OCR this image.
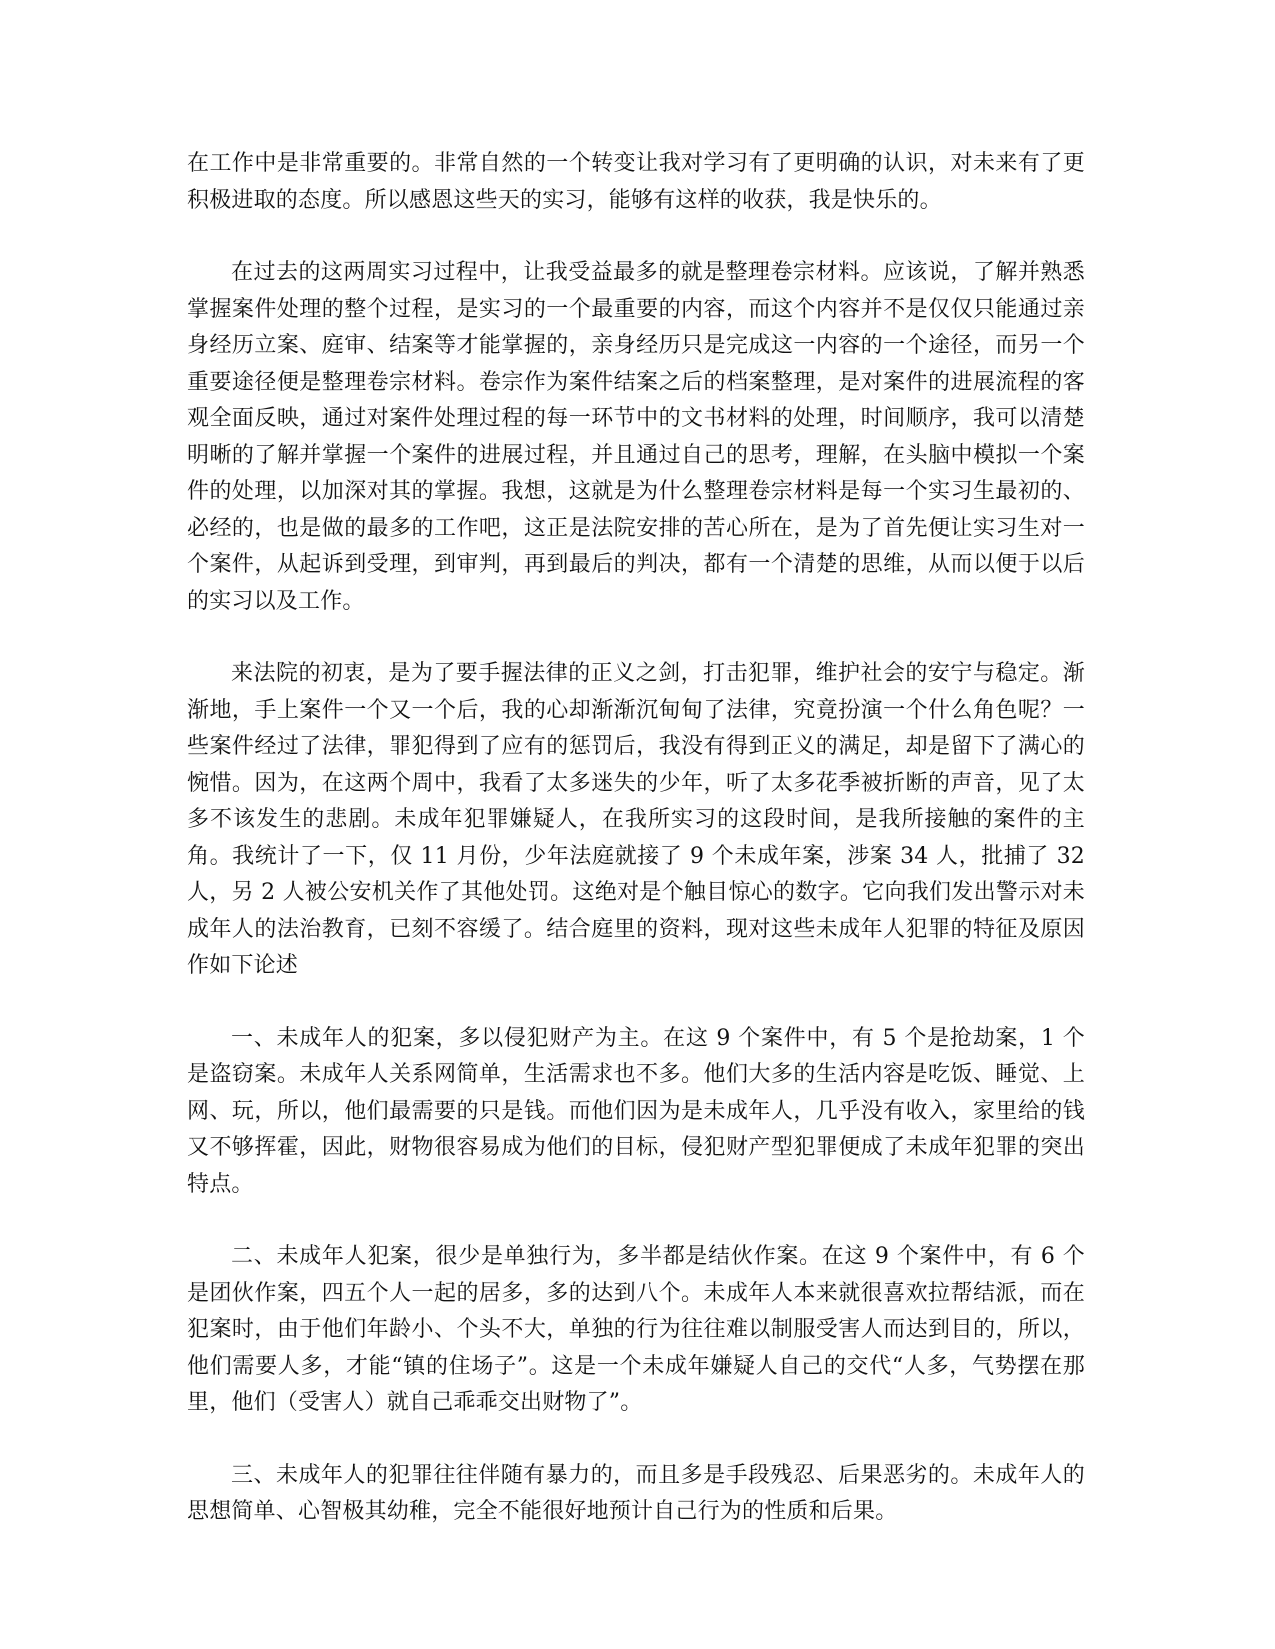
在工作中是非常重要的。非常自然的一个转变让我对学习有了更明确的认识，对未来有了更积极进取的态度。所以感恩这些天的实习，能够有这样的收获，我是快乐的。

在过去的这两周实习过程中，让我受益最多的就是整理卷宗材料。应该说，了解并熟悉掌握案件处理的整个过程，是实习的一个最重要的内容，而这个内容并不是仅仅只能通过亲身经历立案、庭审、结案等才能掌握的，亲身经历只是完成这一内容的一个途径，而另一个重要途径便是整理卷宗材料。卷宗作为案件结案之后的档案整理，是对案件的进展流程的客观全面反映，通过对案件处理过程的每一环节中的文书材料的处理，时间顺序，我可以清楚明晰的了解并掌握一个案件的进展过程，并且通过自己的思考，理解，在头脑中模拟一个案件的处理，以加深对其的掌握。我想，这就是为什么整理卷宗材料是每一个实习生最初的、必经的，也是做的最多的工作吧，这正是法院安排的苦心所在，是为了首先便让实习生对一个案件，从起诉到受理，到审判，再到最后的判决，都有一个清楚的思维，从而以便于以后的实习以及工作。

来法院的初衷，是为了要手握法律的正义之剑，打击犯罪，维护社会的安宁与稳定。渐渐地，手上案件一个又一个后，我的心却渐渐沉甸甸了法律，究竟扮演一个什么角色呢？一些案件经过了法律，罪犯得到了应有的惩罚后，我没有得到正义的满足，却是留下了满心的惋惜。因为，在这两个周中，我看了太多迷失的少年，听了太多花季被折断的声音，见了太多不该发生的悲剧。未成年犯罪嫌疑人，在我所实习的这段时间，是我所接触的案件的主角。我统计了一下，仅 11 月份，少年法庭就接了 9 个未成年案，涉案 34 人，批捕了 32 人，另 2 人被公安机关作了其他处罚。这绝对是个触目惊心的数字。它向我们发出警示对未成年人的法治教育，已刻不容缓了。结合庭里的资料，现对这些未成年人犯罪的特征及原因作如下论述

一、未成年人的犯案，多以侵犯财产为主。在这 9 个案件中，有 5 个是抢劫案，1 个是盗窃案。未成年人关系网简单，生活需求也不多。他们大多的生活内容是吃饭、睡觉、上网、玩，所以，他们最需要的只是钱。而他们因为是未成年人，几乎没有收入，家里给的钱又不够挥霍，因此，财物很容易成为他们的目标，侵犯财产型犯罪便成了未成年犯罪的突出特点。

二、未成年人犯案，很少是单独行为，多半都是结伙作案。在这 9 个案件中，有 6 个是团伙作案，四五个人一起的居多，多的达到八个。未成年人本来就很喜欢拉帮结派，而在犯案时，由于他们年龄小、个头不大，单独的行为往往难以制服受害人而达到目的，所以，他们需要人多，才能“镇的住场子”。这是一个未成年嫌疑人自己的交代“人多，气势摆在那里，他们（受害人）就自己乖乖交出财物了”。

三、未成年人的犯罪往往伴随有暴力的，而且多是手段残忍、后果恶劣的。未成年人的思想简单、心智极其幼稚，完全不能很好地预计自己行为的性质和后果。
